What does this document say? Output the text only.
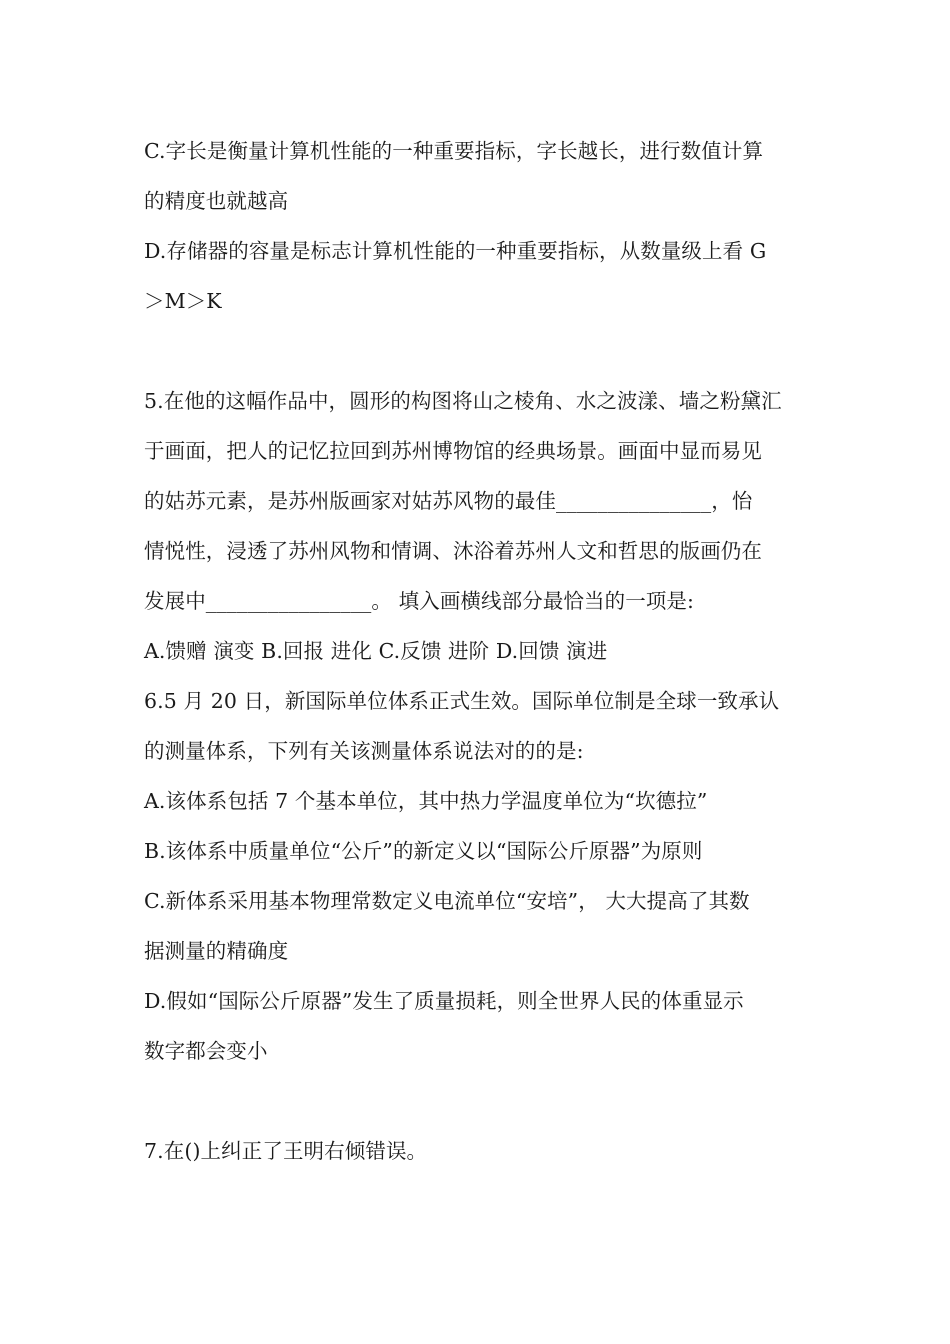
C.字长是衡量计算机性能的一种重要指标，字长越长，进行数值计算
的精度也就越高
D.存储器的容量是标志计算机性能的一种重要指标，从数量级上看 G
＞M＞K
5.在他的这幅作品中，圆形的构图将山之棱角、水之波漾、墙之粉黛汇
于画面，把人的记忆拉回到苏州博物馆的经典场景。画面中显而易见
的姑苏元素，是苏州版画家对姑苏风物的最佳_______________，怡
情悦性，浸透了苏州风物和情调、沐浴着苏州人文和哲思的版画仍在
发展中________________。 填入画横线部分最恰当的一项是:
A.馈赠 演变 B.回报 进化 C.反馈 进阶 D.回馈 演进
6.5 月 20 日，新国际单位体系正式生效。国际单位制是全球一致承认
的测量体系，下列有关该测量体系说法对的的是:
A.该体系包括 7 个基本单位，其中热力学温度单位为“坎德拉”
B.该体系中质量单位“公斤”的新定义以“国际公斤原器”为原则
C.新体系采用基本物理常数定义电流单位“安培”， 大大提高了其数
据测量的精确度
D.假如“国际公斤原器”发生了质量损耗，则全世界人民的体重显示
数字都会变小
7.在()上纠正了王明右倾错误。
